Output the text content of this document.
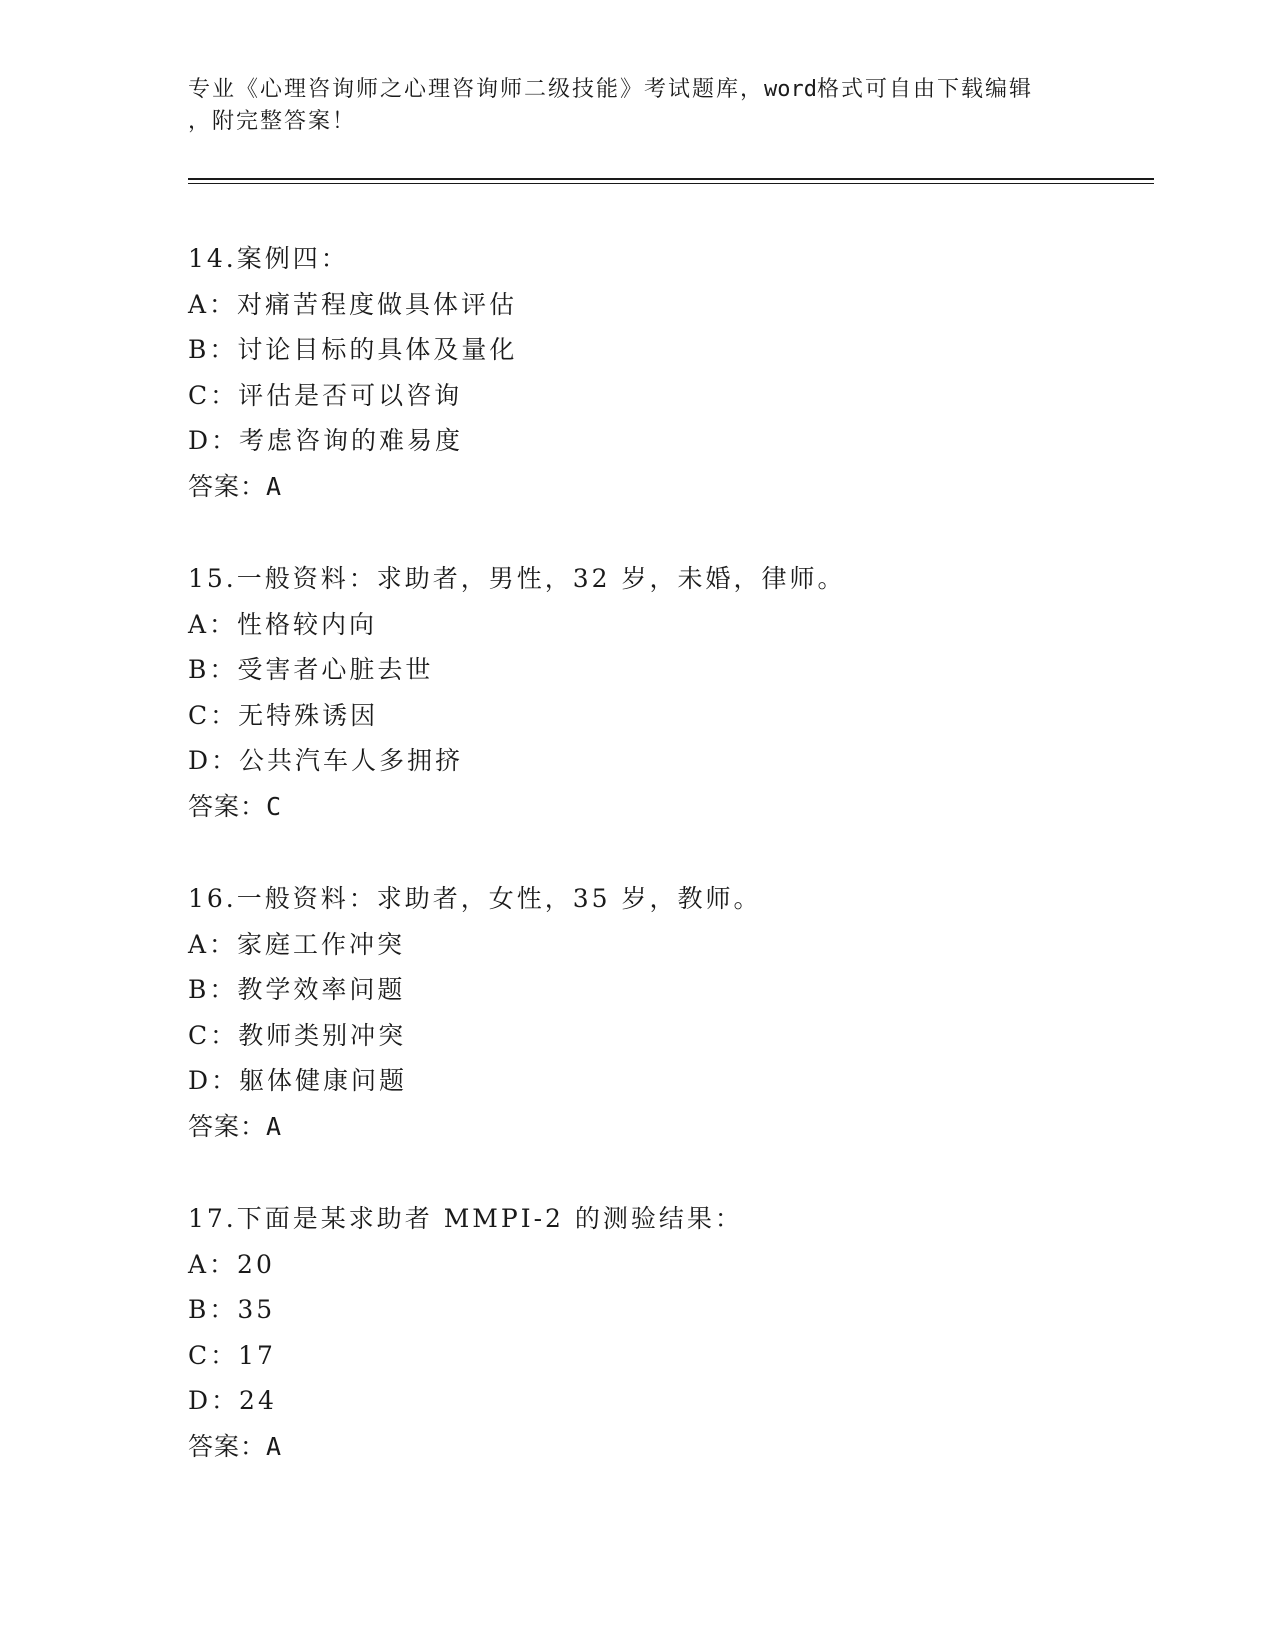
专业《心理咨询师之心理咨询师二级技能》考试题库，word格式可自由下载编辑
，附完整答案！
14.案例四：
A：对痛苦程度做具体评估
B：讨论目标的具体及量化
C：评估是否可以咨询
D：考虑咨询的难易度
答案：A
15.一般资料：求助者，男性，32 岁，未婚，律师。
A：性格较内向
B：受害者心脏去世
C：无特殊诱因
D：公共汽车人多拥挤
答案：C
16.一般资料：求助者，女性，35 岁，教师。
A：家庭工作冲突
B：教学效率问题
C：教师类别冲突
D：躯体健康问题
答案：A
17.下面是某求助者 MMPI-2 的测验结果：
A：20
B：35
C：17
D：24
答案：A
